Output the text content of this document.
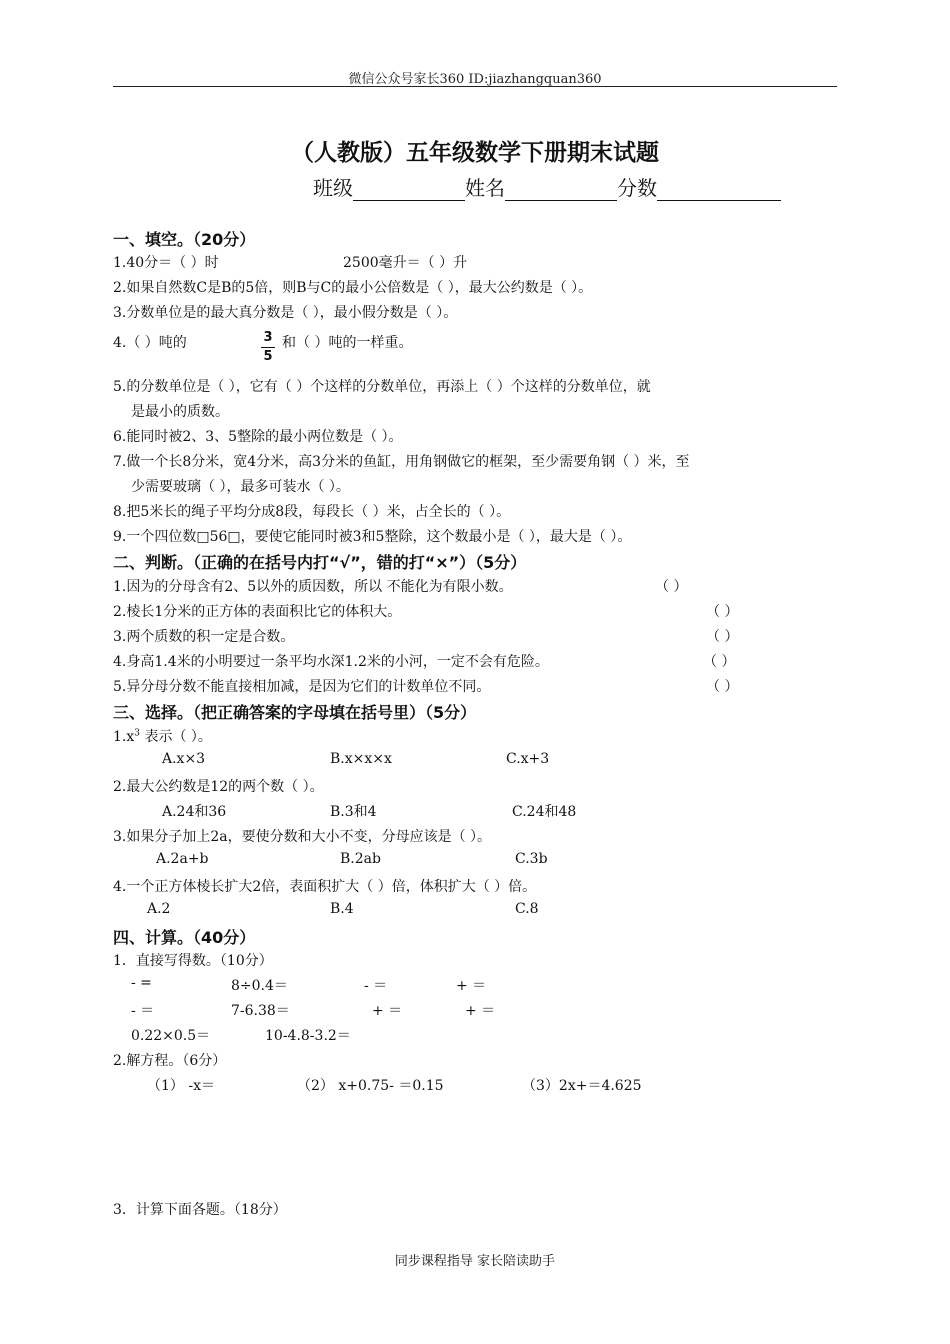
微信公众号家长360 ID:jiazhangquan360
（人教版）五年级数学下册期末试题
班级	姓名	分数
一、填空。（20分）
1.40分＝（ ）时	2500毫升＝（ ）升
2.如果自然数C是B的5倍，则B与C的最小公倍数是（ ），最大公约数是（ ）。
3.分数单位是的最大真分数是（ ），最小假分数是（ ）。
4.（ ）吨的	3
5
和（ ）吨的一样重。
5.的分数单位是（ ），它有（ ）个这样的分数单位，再添上（ ）个这样的分数单位，就
是最小的质数。
6.能同时被2、3、5整除的最小两位数是（ ）。
7.做一个长8分米，宽4分米，高3分米的鱼缸，用角钢做它的框架，至少需要角钢（ ）米，至
少需要玻璃（ ），最多可装水（ ）。
8.把5米长的绳子平均分成8段，每段长（ ）米，占全长的（ ）。
9.一个四位数□56□，要使它能同时被3和5整除，这个数最小是（ ），最大是（ ）。
二、判断。（正确的在括号内打“√”，错的打“×”）（5分）
1.因为的分母含有2、5以外的质因数，所以 不能化为有限小数。	（ ）
2.棱长1分米的正方体的表面积比它的体积大。	（ ）
3.两个质数的积一定是合数。	（ ）
4.身高1.4米的小明要过一条平均水深1.2米的小河，一定不会有危险。	（ ）
5.异分母分数不能直接相加减，是因为它们的计数单位不同。	（ ）
三、选择。（把正确答案的字母填在括号里）（5分）
$1.x^3$ 表示（ ）。
A.x×3	B.x×x×x	C.x+3
2.最大公约数是12的两个数（ ）。
A.24和36	B.3和4	C.24和48
3.如果分子加上2a，要使分数和大小不变，分母应该是（ ）。
A.2a+b	B.2ab	C.3b
4.一个正方体棱长扩大2倍，表面积扩大（ ）倍，体积扩大（ ）倍。
A.2	B.4	C.8
四、计算。（40分）
1．直接写得数。（10分）
- =	8÷0.4＝	- ＝	+ ＝
- ＝	7-6.38＝	+ ＝	+ ＝
0.22×0.5＝	10-4.8-3.2＝
2.解方程。（6分）
（1） -x＝	（2） x+0.75- ＝0.15	（3）2x+＝4.625
3．计算下面各题。（18分）
同步课程指导 家长陪读助手
